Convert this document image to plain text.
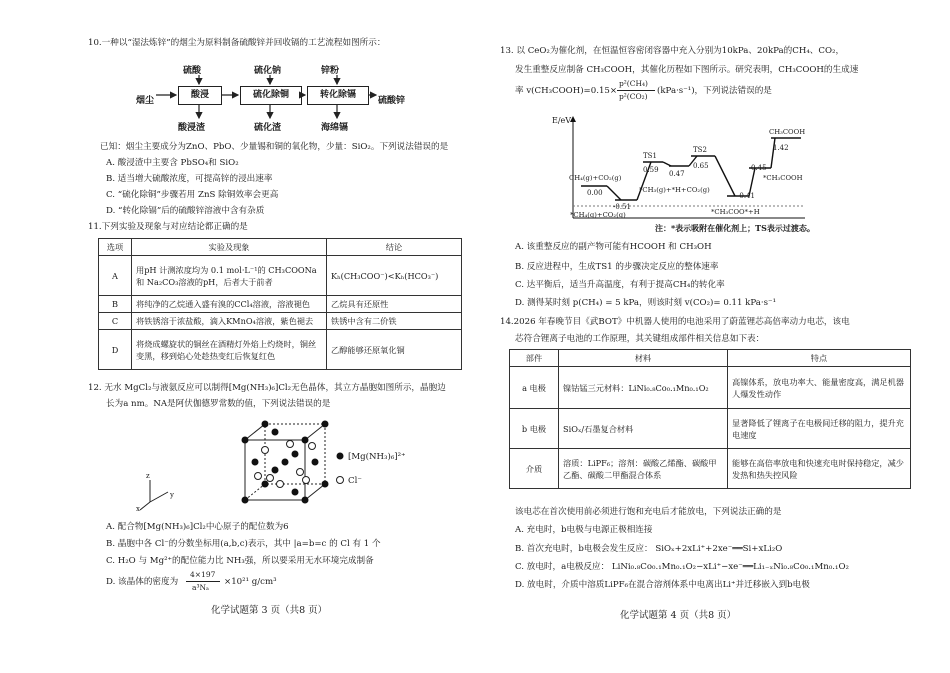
10.一种以“湿法炼锌”的烟尘为原料制备硫酸锌并回收镉的工艺流程如图所示：
硫酸	硫化钠	锌粉
烟尘
酸浸	硫化除铜	转化除镉
硫酸锌
酸浸渣	硫化渣	海绵镉
已知：烟尘主要成分为ZnO、PbO、少量锡和铜的氧化物，少量：SiO₂。下列说法错误的是
A. 酸浸渣中主要含 PbSO₄和 SiO₂
B. 适当增大硫酸浓度，可提高锌的浸出速率
C. “硫化除铜”步骤若用 ZnS 除铜效率会更高
D. “转化除镉”后的硫酸锌溶液中含有杂质
11.下列实验及现象与对应结论都正确的是
选项	实验及现象	结论
A	用pH 计测浓度均为 0.1 mol·L⁻¹的 CH₃COONa和 Na₂CO₃溶液的pH，后者大于前者	Kₕ(CH₃COO⁻)<Kₕ(HCO₃⁻)
B	将纯净的乙烷通入盛有溴的CCl₄溶液，溶液褪色	乙烷具有还原性
C	将铁锈溶于浓盐酸，滴入KMnO₄溶液，紫色褪去	铁锈中含有二价铁
D	将烧成螺旋状的铜丝在酒精灯外焰上灼烧时，铜丝变黑，移到焰心处趁热变红后恢复红色	乙醇能够还原氧化铜
12. 无水 MgCl₂与液氨反应可以制得[Mg(NH₃)₆]Cl₂无色晶体，其立方晶胞如图所示，晶胞边
长为a nm。NA是阿伏伽德罗常数的值，下列说法错误的是
[Mg(NH₃)₆]²⁺
Cl⁻
z
y
x
A. 配合物[Mg(NH₃)₆]Cl₂中心原子的配位数为6
B. 晶胞中各 Cl⁻的分数坐标用(a,b,c)表示，其中 |a=b=c 的 Cl 有 1 个
C. H₂O 与 Mg²⁺的配位能力比 NH₃强，所以要采用无水环境完成制备
D. 该晶体的密度为
4×197
a³Nₐ
×10²¹ g/cm³
化学试题第 3 页（共8 页）
13. 以 CeO₂为催化剂，在恒温恒容密闭容器中充入分别为10kPa、20kPa的CH₄、CO₂，
发生重整反应制备 CH₃COOH，其催化历程如下图所示。研究表明，CH₃COOH的生成速
率 v(CH₃COOH)=0.15×
p²(CH₄)
p²(CO₂)
(kPa·s⁻¹)，下列说法错误的是
E/eV
CH₄(g)+CO₂(g)
0.00
-0.51
*CH₄(g)+CO₂(g)
TS1
0.59 0.47
*CH₃(g)+*H+CO₂(g)
TS2
0.65
-0.41
*CH₃COO*+H
0.45
*CH₃COOH
CH₃COOH
1.42
注：*表示吸附在催化剂上；TS表示过渡态。
A. 该重整反应的副产物可能有HCOOH 和 CH₃OH
B. 反应进程中，生成TS1 的步骤决定反应的整体速率
C. 达平衡后，适当升高温度，有利于提高CH₄的转化率
D. 测得某时刻 p(CH₄) = 5 kPa，则该时刻 v(CO₂)= 0.11 kPa·s⁻¹
14.2026 年春晚节目《武BOT》中机器人使用的电池采用了蔚蓝锂芯高倍率动力电芯，该电
芯符合锂离子电池的工作原理，其关键组成部件相关信息如下表：
部件	材料	特点
a 电极	镍钴锰三元材料：LiNi₀.₈Co₀.₁Mn₀.₁O₂	高镍体系，放电功率大、能量密度高，满足机器人爆发性动作
b 电极	SiOₓ/石墨复合材料	显著降低了锂离子在电极间迁移的阻力，提升充电速度
介质	溶质：LiPF₆；溶剂：碳酸乙烯酯、碳酸甲乙酯、碳酸二甲酯混合体系	能够在高倍率放电和快速充电时保持稳定，减少发热和热失控风险
该电芯在首次使用前必须进行饱和充电后才能放电，下列说法正确的是
A. 充电时，b电极与电源正极相连接
B. 首次充电时，b电极会发生反应： SiOₓ+2xLi⁺+2xe⁻══Si+xLi₂O
C. 放电时，a电极反应： LiNi₀.₈Co₀.₁Mn₀.₁O₂−xLi⁺−xe⁻══Li₁₋ₓNi₀.₈Co₀.₁Mn₀.₁O₂
D. 放电时，介质中溶质LiPF₆在混合溶剂体系中电离出Li⁺并迁移嵌入到b电极
化学试题第 4 页（共8 页）
